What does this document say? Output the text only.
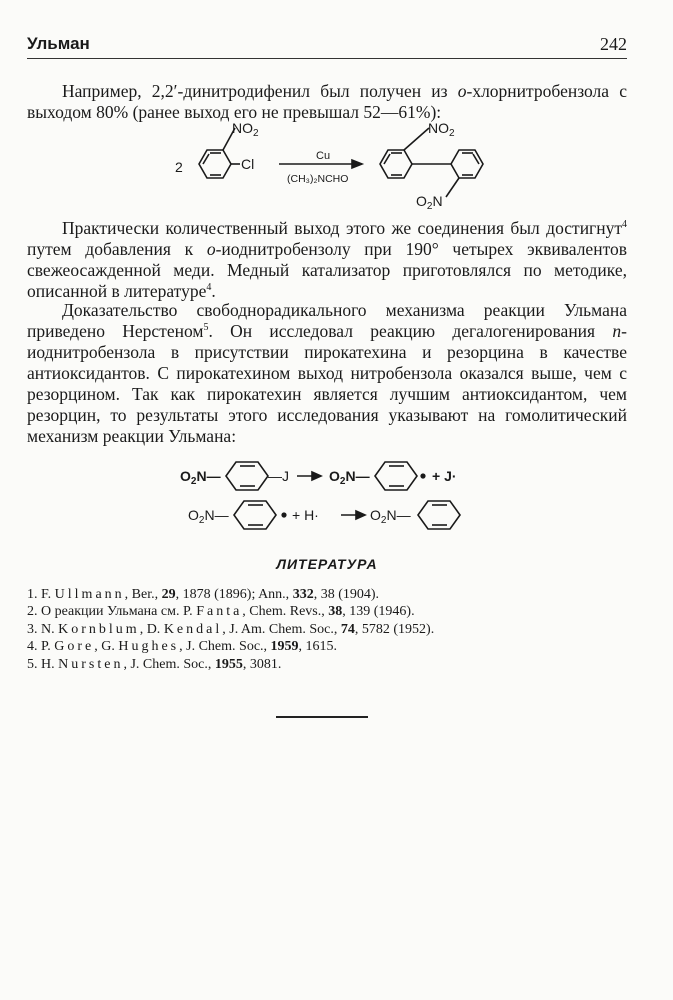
Ульман	242

Например, 2,2′-динитродифенил был получен из о-хлорнитробензола с выходом 80% (ранее выход его не превышал 52—61%):

2
$NO_2$
Cl	Cu
(CH₃)₂NCHO
$NO_2$
$O_2N$
$O_2N—$	—J	$O_2N—$	+ J·
$O_2N—$	+ H·	$O_2N—$

Практически количественный выход этого же соединения был достигнут$^4$ путем добавления к о-иоднитробензолу при 190° четырех эквивалентов свежеосажденной меди. Медный катализатор приготовлялся по методике, описанной в литературе$^4$.

Доказательство свободнорадикального механизма реакции Ульмана приведено Нерстеном$^5$. Он исследовал реакцию дегалогенирования п-иоднитробензола в присутствии пирокатехина и резорцина в качестве антиоксидантов. С пирокатехином выход нитробензола оказался выше, чем с резорцином. Так как пирокатехин является лучшим антиоксидантом, чем резорцин, то результаты этого исследования указывают на гомолитический механизм реакции Ульмана:

ЛИТЕРАТУРА
1. F. Ullmann, Ber., 29, 1878 (1896); Ann., 332, 38 (1904).
2. О реакции Ульмана см. P. Fanta, Chem. Revs., 38, 139 (1946).
3. N. Kornblum, D. Kendal, J. Am. Chem. Soc., 74, 5782 (1952).
4. P. Gore, G. Hughes, J. Chem. Soc., 1959, 1615.
5. H. Nursten, J. Chem. Soc., 1955, 3081.
